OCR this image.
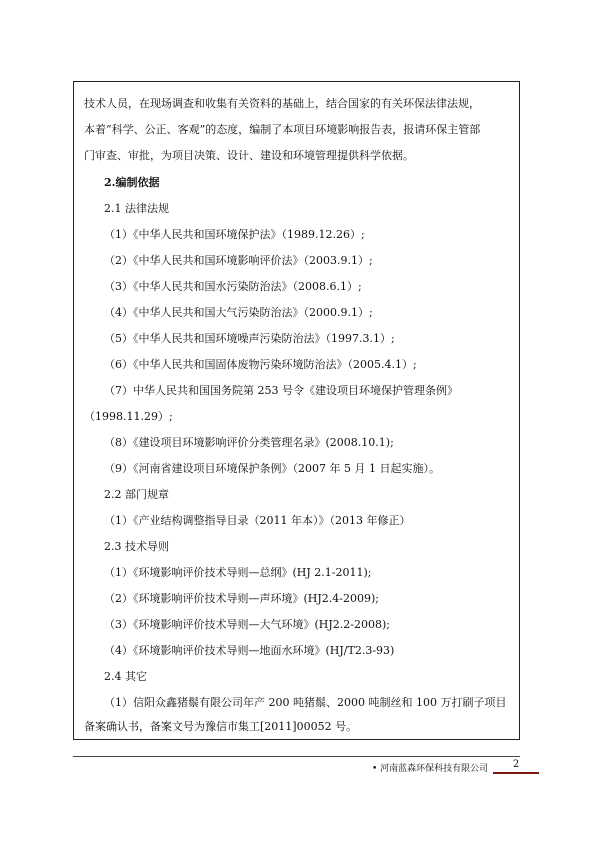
技术人员，在现场调查和收集有关资料的基础上，结合国家的有关环保法律法规，
本着“科学、公正、客观”的态度，编制了本项目环境影响报告表，报请环保主管部
门审查、审批，为项目决策、设计、建设和环境管理提供科学依据。
2.编制依据
2.1 法律法规
（1）《中华人民共和国环境保护法》（1989.12.26）;
（2）《中华人民共和国环境影响评价法》（2003.9.1）;
（3）《中华人民共和国水污染防治法》（2008.6.1）;
（4）《中华人民共和国大气污染防治法》（2000.9.1）;
（5）《中华人民共和国环境噪声污染防治法》（1997.3.1）;
（6）《中华人民共和国固体废物污染环境防治法》（2005.4.1）;
（7）中华人民共和国国务院第 253 号令《建设项目环境保护管理条例》
（1998.11.29）;
（8）《建设项目环境影响评价分类管理名录》(2008.10.1);
（9）《河南省建设项目环境保护条例》（2007 年 5 月 1 日起实施）。
2.2 部门规章
（1）《产业结构调整指导目录（2011 年本）》（2013 年修正）
2.3 技术导则
（1）《环境影响评价技术导则—总纲》(HJ 2.1-2011);
（2）《环境影响评价技术导则—声环境》(HJ2.4-2009);
（3）《环境影响评价技术导则—大气环境》(HJ2.2-2008);
（4）《环境影响评价技术导则—地面水环境》(HJ/T2.3-93)
2.4 其它
（1）信阳众鑫猪鬃有限公司年产 200 吨猪鬃、2000 吨制丝和 100 万打刷子项目
备案确认书，备案文号为豫信市集工[2011]00052 号。
• 河南蓝森环保科技有限公司	2
